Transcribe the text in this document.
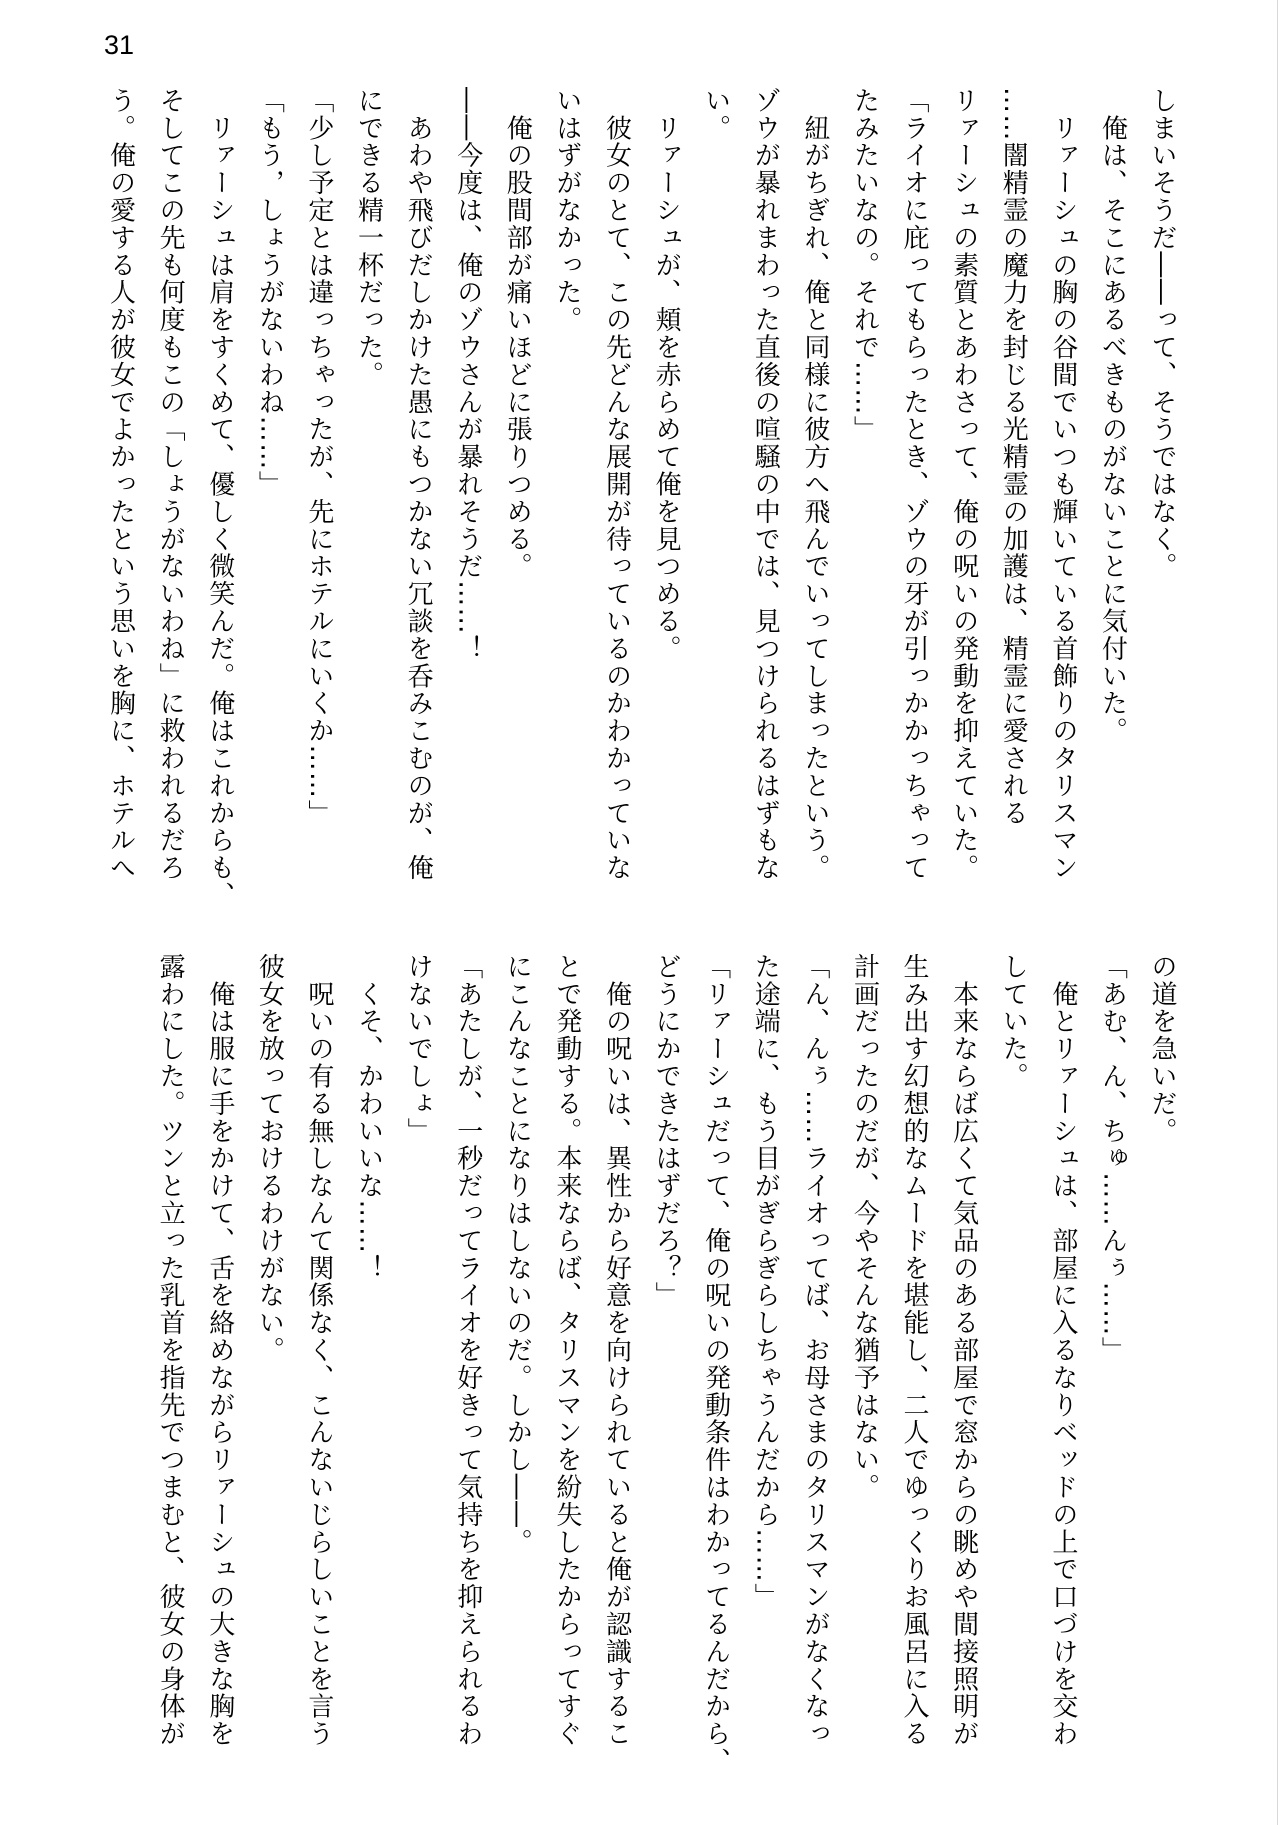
31
しまいそうだ――って、そうではなく。
　俺は、そこにあるべきものがないことに気付いた。
　リァーシュの胸の谷間でいつも輝いている首飾りのタリスマン
……闇精霊の魔力を封じる光精霊の加護は、精霊に愛される
リァーシュの素質とあわさって、俺の呪いの発動を抑えていた。
「ライオに庇ってもらったとき、ゾウの牙が引っかかっちゃって
たみたいなの。それで……」
　紐がちぎれ、俺と同様に彼方へ飛んでいってしまったという。
ゾウが暴れまわった直後の喧騒の中では、見つけられるはずもな
い。
　リァーシュが、頬を赤らめて俺を見つめる。
　彼女のとて、この先どんな展開が待っているのかわかっていな
いはずがなかった。
　俺の股間部が痛いほどに張りつめる。
――今度は、俺のゾウさんが暴れそうだ……！
　あわや飛びだしかけた愚にもつかない冗談を呑みこむのが、俺
にできる精一杯だった。
「少し予定とは違っちゃったが、先にホテルにいくか……」
「もう，しょうがないわね……」
　リァーシュは肩をすくめて、優しく微笑んだ。俺はこれからも、
そしてこの先も何度もこの「しょうがないわね」に救われるだろ
う。俺の愛する人が彼女でよかったという思いを胸に、ホテルへ
の道を急いだ。
「あむ、ん、ちゅ……んぅ……」
　俺とリァーシュは、部屋に入るなりベッドの上で口づけを交わ
していた。
　本来ならば広くて気品のある部屋で窓からの眺めや間接照明が
生み出す幻想的なムードを堪能し、二人でゆっくりお風呂に入る
計画だったのだが、今やそんな猶予はない。
「ん、んぅ……ライオってば、お母さまのタリスマンがなくなっ
た途端に、もう目がぎらぎらしちゃうんだから……」
「リァーシュだって、俺の呪いの発動条件はわかってるんだから、
どうにかできたはずだろ？」
　俺の呪いは、異性から好意を向けられていると俺が認識するこ
とで発動する。本来ならば、タリスマンを紛失したからってすぐ
にこんなことになりはしないのだ。しかし――。
「あたしが、一秒だってライオを好きって気持ちを抑えられるわ
けないでしょ」
　くそ、かわいいな……！
　呪いの有る無しなんて関係なく、こんないじらしいことを言う
彼女を放っておけるわけがない。
　俺は服に手をかけて、舌を絡めながらリァーシュの大きな胸を
露わにした。ツンと立った乳首を指先でつまむと、彼女の身体が
